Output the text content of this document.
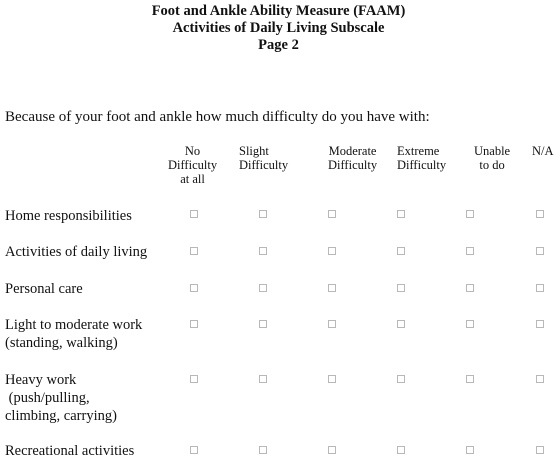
Foot and Ankle Ability Measure (FAAM)
Activities of Daily Living Subscale
Page 2
Because of your foot and ankle how much difficulty do you have with:
No
Difficulty
at all
Slight
Difficulty
Moderate
Difficulty
Extreme
Difficulty
Unable
to do
N/A
Home responsibilities
Activities of daily living
Personal care
Light to moderate work
(standing, walking)
Heavy work
(push/pulling,
climbing, carrying)
Recreational activities
